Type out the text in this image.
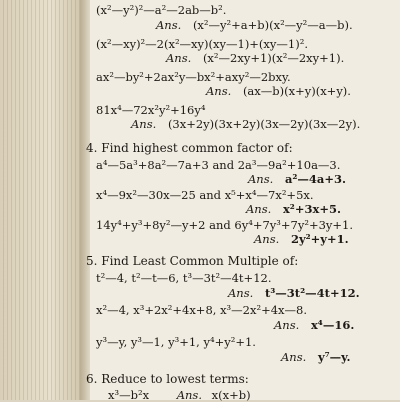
(x²—y²)²—a²—2ab—b².
Ans. (x²—y²+a+b)(x²—y²—a—b).
(x²—xy)²—2(x²—xy)(xy—1)+(xy—1)².
Ans. (x²—2xy+1)(x²—2xy+1).
ax²—by²+2ax²y—bx²+axy²—2bxy.
Ans. (ax—b)(x+y)(x+y).
81x⁴—72x²y²+16y⁴
Ans. (3x+2y)(3x+2y)(3x—2y)(3x—2y).
4. Find highest common factor of:
a⁴—5a³+8a²—7a+3 and 2a³—9a²+10a—3.
Ans. a²—4a+3.
x⁴—9x²—30x—25 and x⁵+x⁴—7x²+5x.
Ans. x²+3x+5.
14y⁴+y³+8y²—y+2 and 6y⁴+7y³+7y²+3y+1.
Ans. 2y²+y+1.
5. Find Least Common Multiple of:
t²—4, t²—t—6, t³—3t²—4t+12.
Ans. t³—3t²—4t+12.
x²—4, x³+2x²+4x+8, x³—2x²+4x—8.
Ans. x⁴—16.
y³—y, y³—1, y³+1, y⁴+y²+1.
Ans. y⁷—y.
6. Reduce to lowest terms:
x³—b²x Ans. x(x+b)
